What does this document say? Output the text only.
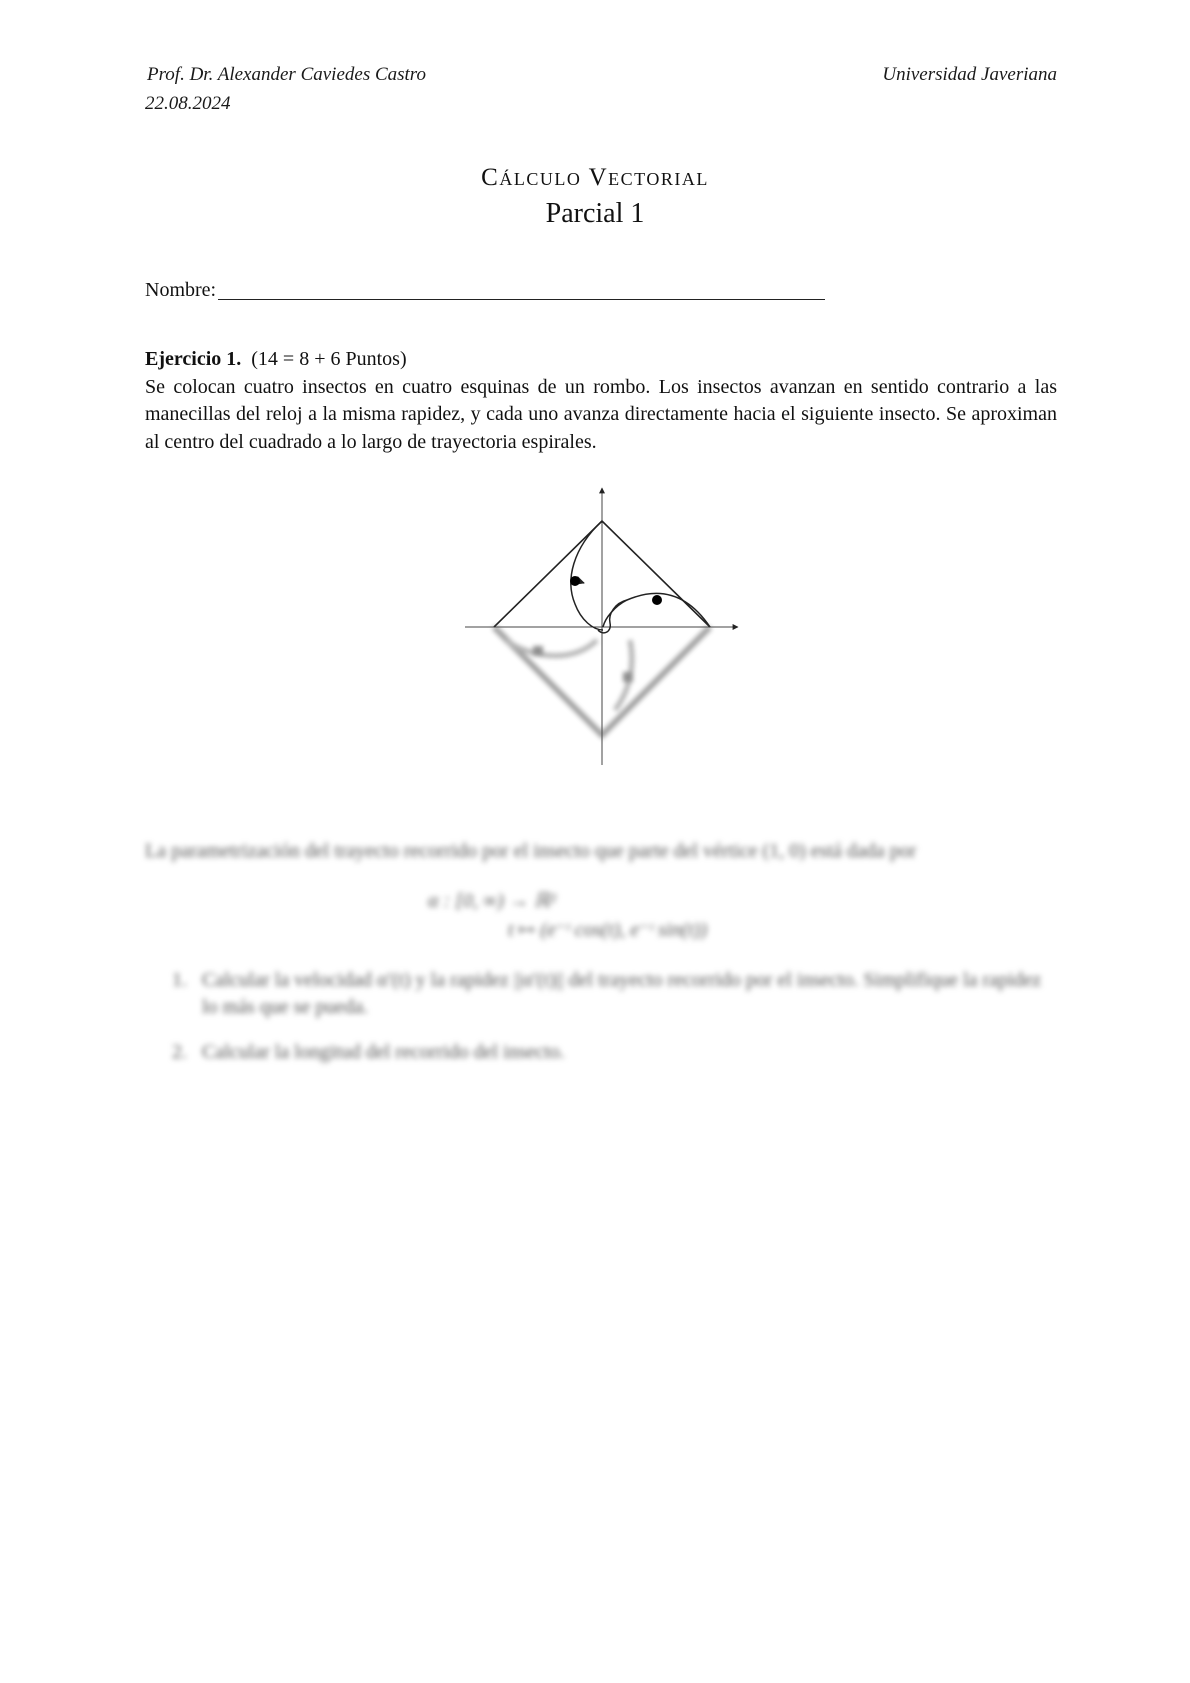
Prof. Dr. Alexander Caviedes Castro
22.08.2024
Universidad Javeriana
Cálculo Vectorial
Parcial 1
Nombre:
Ejercicio 1. (14 = 8 + 6 Puntos)
Se colocan cuatro insectos en cuatro esquinas de un rombo. Los insectos avanzan en sentido contrario a las manecillas del reloj a la misma rapidez, y cada uno avanza directamente hacia el siguiente insecto. Se aproximan al centro del cuadrado a lo largo de trayectoria espirales.
La parametrización del trayecto recorrido por el insecto que parte del vértice (1, 0) está dada por
α : [0, ∞) → ℝ²
t ↦ (e⁻ᵗ cos(t), e⁻ᵗ sin(t))
1. Calcular la velocidad α′(t) y la rapidez ||α′(t)|| del trayecto recorrido por el insecto. Simplifique la rapidez lo más que se pueda.
2. Calcular la longitud del recorrido del insecto.
